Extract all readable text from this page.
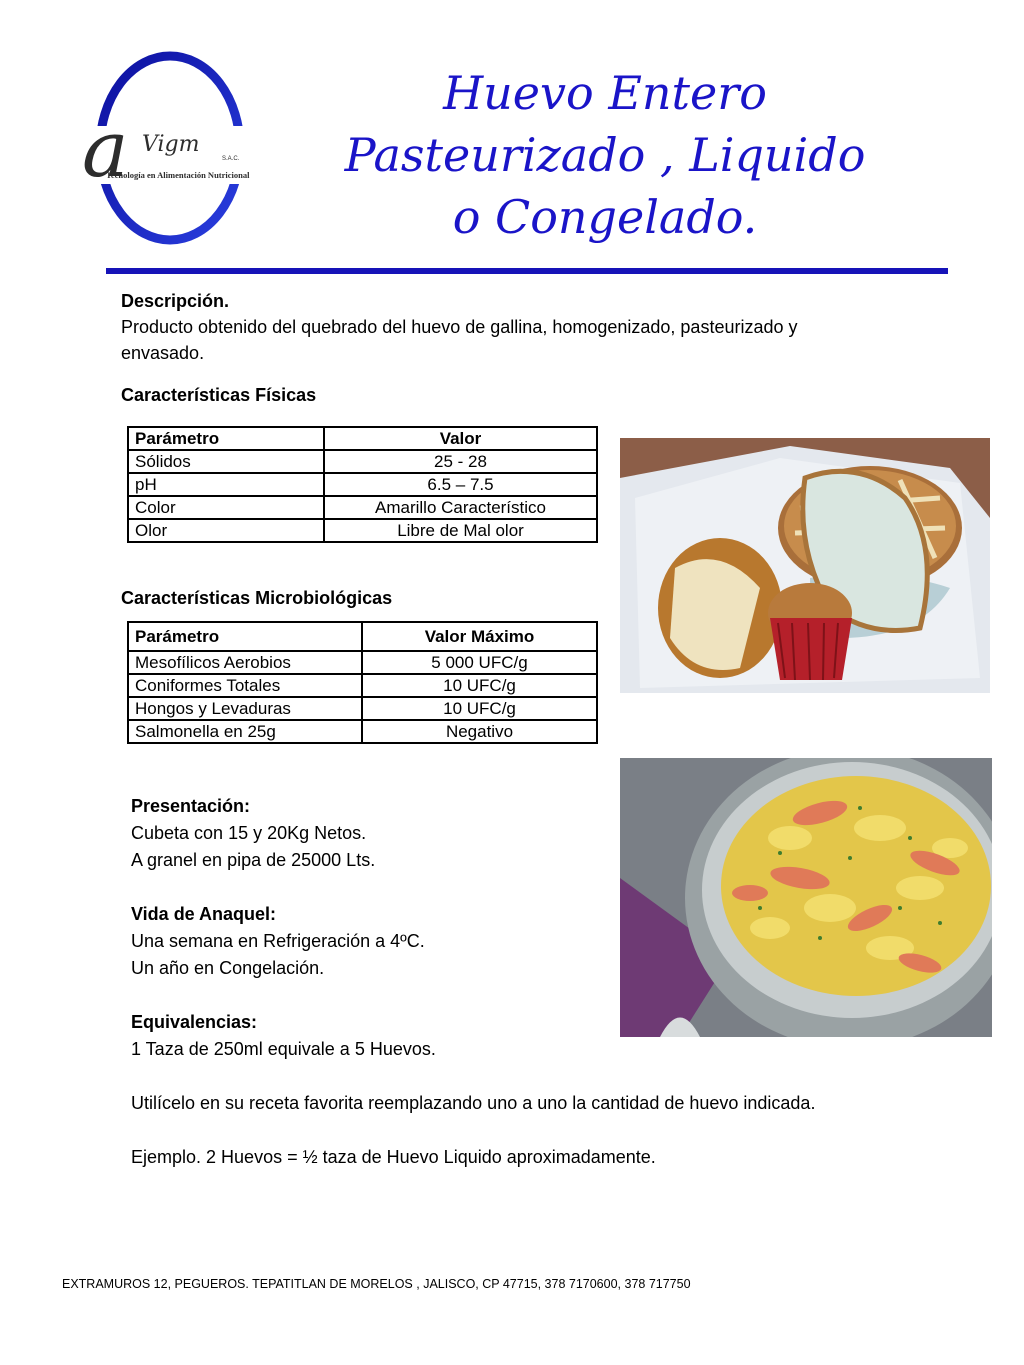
a Vigm
S.A.C.
Tecnología en Alimentación Nutricional
Huevo Entero
Pasteurizado , Liquido
o Congelado.
Descripción.
Producto obtenido del quebrado del huevo de gallina, homogenizado, pasteurizado y envasado.
Características Físicas
Parámetro	Valor
Sólidos	25 - 28
pH	6.5 – 7.5
Color	Amarillo Característico
Olor	Libre de Mal olor
Características Microbiológicas
Parámetro	Valor Máximo
Mesofílicos Aerobios	5 000 UFC/g
Coniformes Totales	10 UFC/g
Hongos y Levaduras	10 UFC/g
Salmonella en 25g	Negativo
Presentación:
Cubeta con 15 y 20Kg Netos.
A granel en pipa de 25000 Lts.
Vida de Anaquel:
Una semana en Refrigeración a 4ºC.
Un año en Congelación.
Equivalencias:
1 Taza de 250ml equivale a 5 Huevos.
Utilícelo en su receta favorita reemplazando uno a uno la cantidad de huevo indicada.
Ejemplo. 2 Huevos = ½ taza de Huevo Liquido aproximadamente.
EXTRAMUROS 12, PEGUEROS. TEPATITLAN DE MORELOS , JALISCO, CP 47715, 378 7170600, 378 717750
